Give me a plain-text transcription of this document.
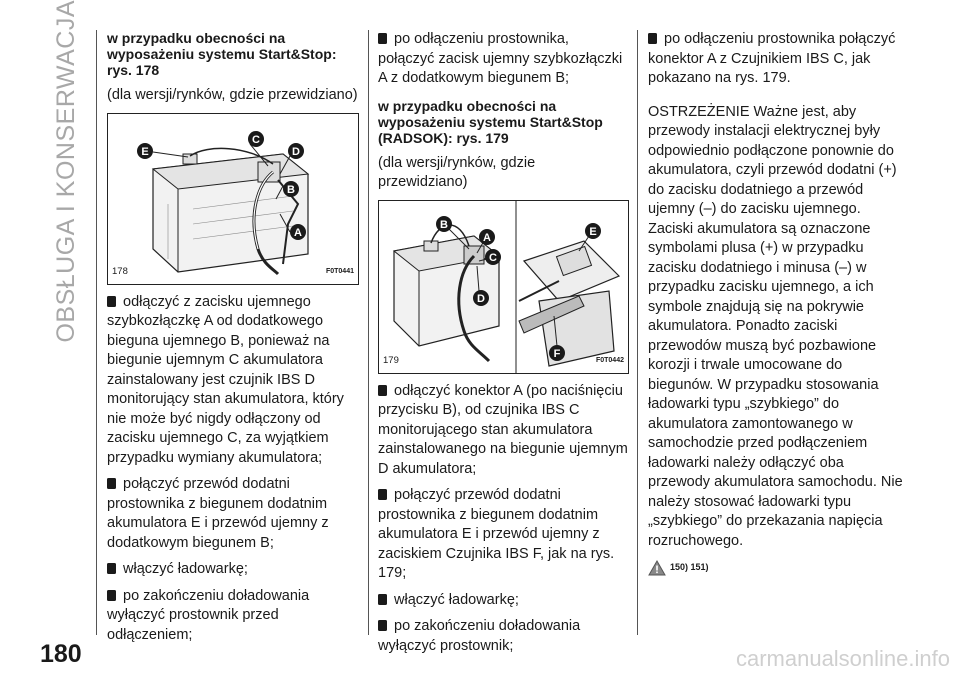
OBSŁUGA I KONSERWACJA w przypadku obecności na wyposażeniu systemu Start&Stop: rys. 178

(dla wersji/rynków, gdzie przewidziano)

E
C
D
B
A
178	F0T0441

odłączyć z zacisku ujemnego szybkozłączkę A od dodatkowego bieguna ujemnego B, ponieważ na biegunie ujemnym C akumulatora zainstalowany jest czujnik IBS D monitorujący stan akumulatora, który nie może być nigdy odłączony od zacisku ujemnego C, za wyjątkiem przypadku wymiany akumulatora;

połączyć przewód dodatni prostownika z biegunem dodatnim akumulatora E i przewód ujemny z dodatkowym biegunem B;

włączyć ładowarkę;

po zakończeniu doładowania wyłączyć prostownik przed odłączeniem;

po odłączeniu prostownika, połączyć zacisk ujemny szybkozłączki A z dodatkowym biegunem B;

w przypadku obecności na wyposażeniu systemu Start&Stop (RADSOK): rys. 179

(dla wersji/rynków, gdzie przewidziano)

B
A
C
D
E
F
179	F0T0442

odłączyć konektor A (po naciśnięciu przycisku B), od czujnika IBS C monitorującego stan akumulatora zainstalowanego na biegunie ujemnym D akumulatora;

połączyć przewód dodatni prostownika z biegunem dodatnim akumulatora E i przewód ujemny z zaciskiem Czujnika IBS F, jak na rys. 179;

włączyć ładowarkę;

po zakończeniu doładowania wyłączyć prostownik;

po odłączeniu prostownika połączyć konektor A z Czujnikiem IBS C, jak pokazano na rys. 179.

OSTRZEŻENIE Ważne jest, aby przewody instalacji elektrycznej były odpowiednio podłączone ponownie do akumulatora, czyli przewód dodatni (+) do zacisku dodatniego a przewód ujemny (–) do zacisku ujemnego. Zaciski akumulatora są oznaczone symbolami plusa (+) w przypadku zacisku dodatniego i minusa (–) w przypadku zacisku ujemnego, a ich symbole znajdują się na pokrywie akumulatora. Ponadto zaciski przewodów muszą być pozbawione korozji i trwale umocowane do biegunów. W przypadku stosowania ładowarki typu „szybkiego” do akumulatora zamontowanego w samochodzie przed podłączeniem ładowarki należy odłączyć oba przewody akumulatora samochodu. Nie należy stosować ładowarki typu „szybkiego” do przekazania napięcia rozruchowego.

150) 151)
180	carmanualsonline.info
